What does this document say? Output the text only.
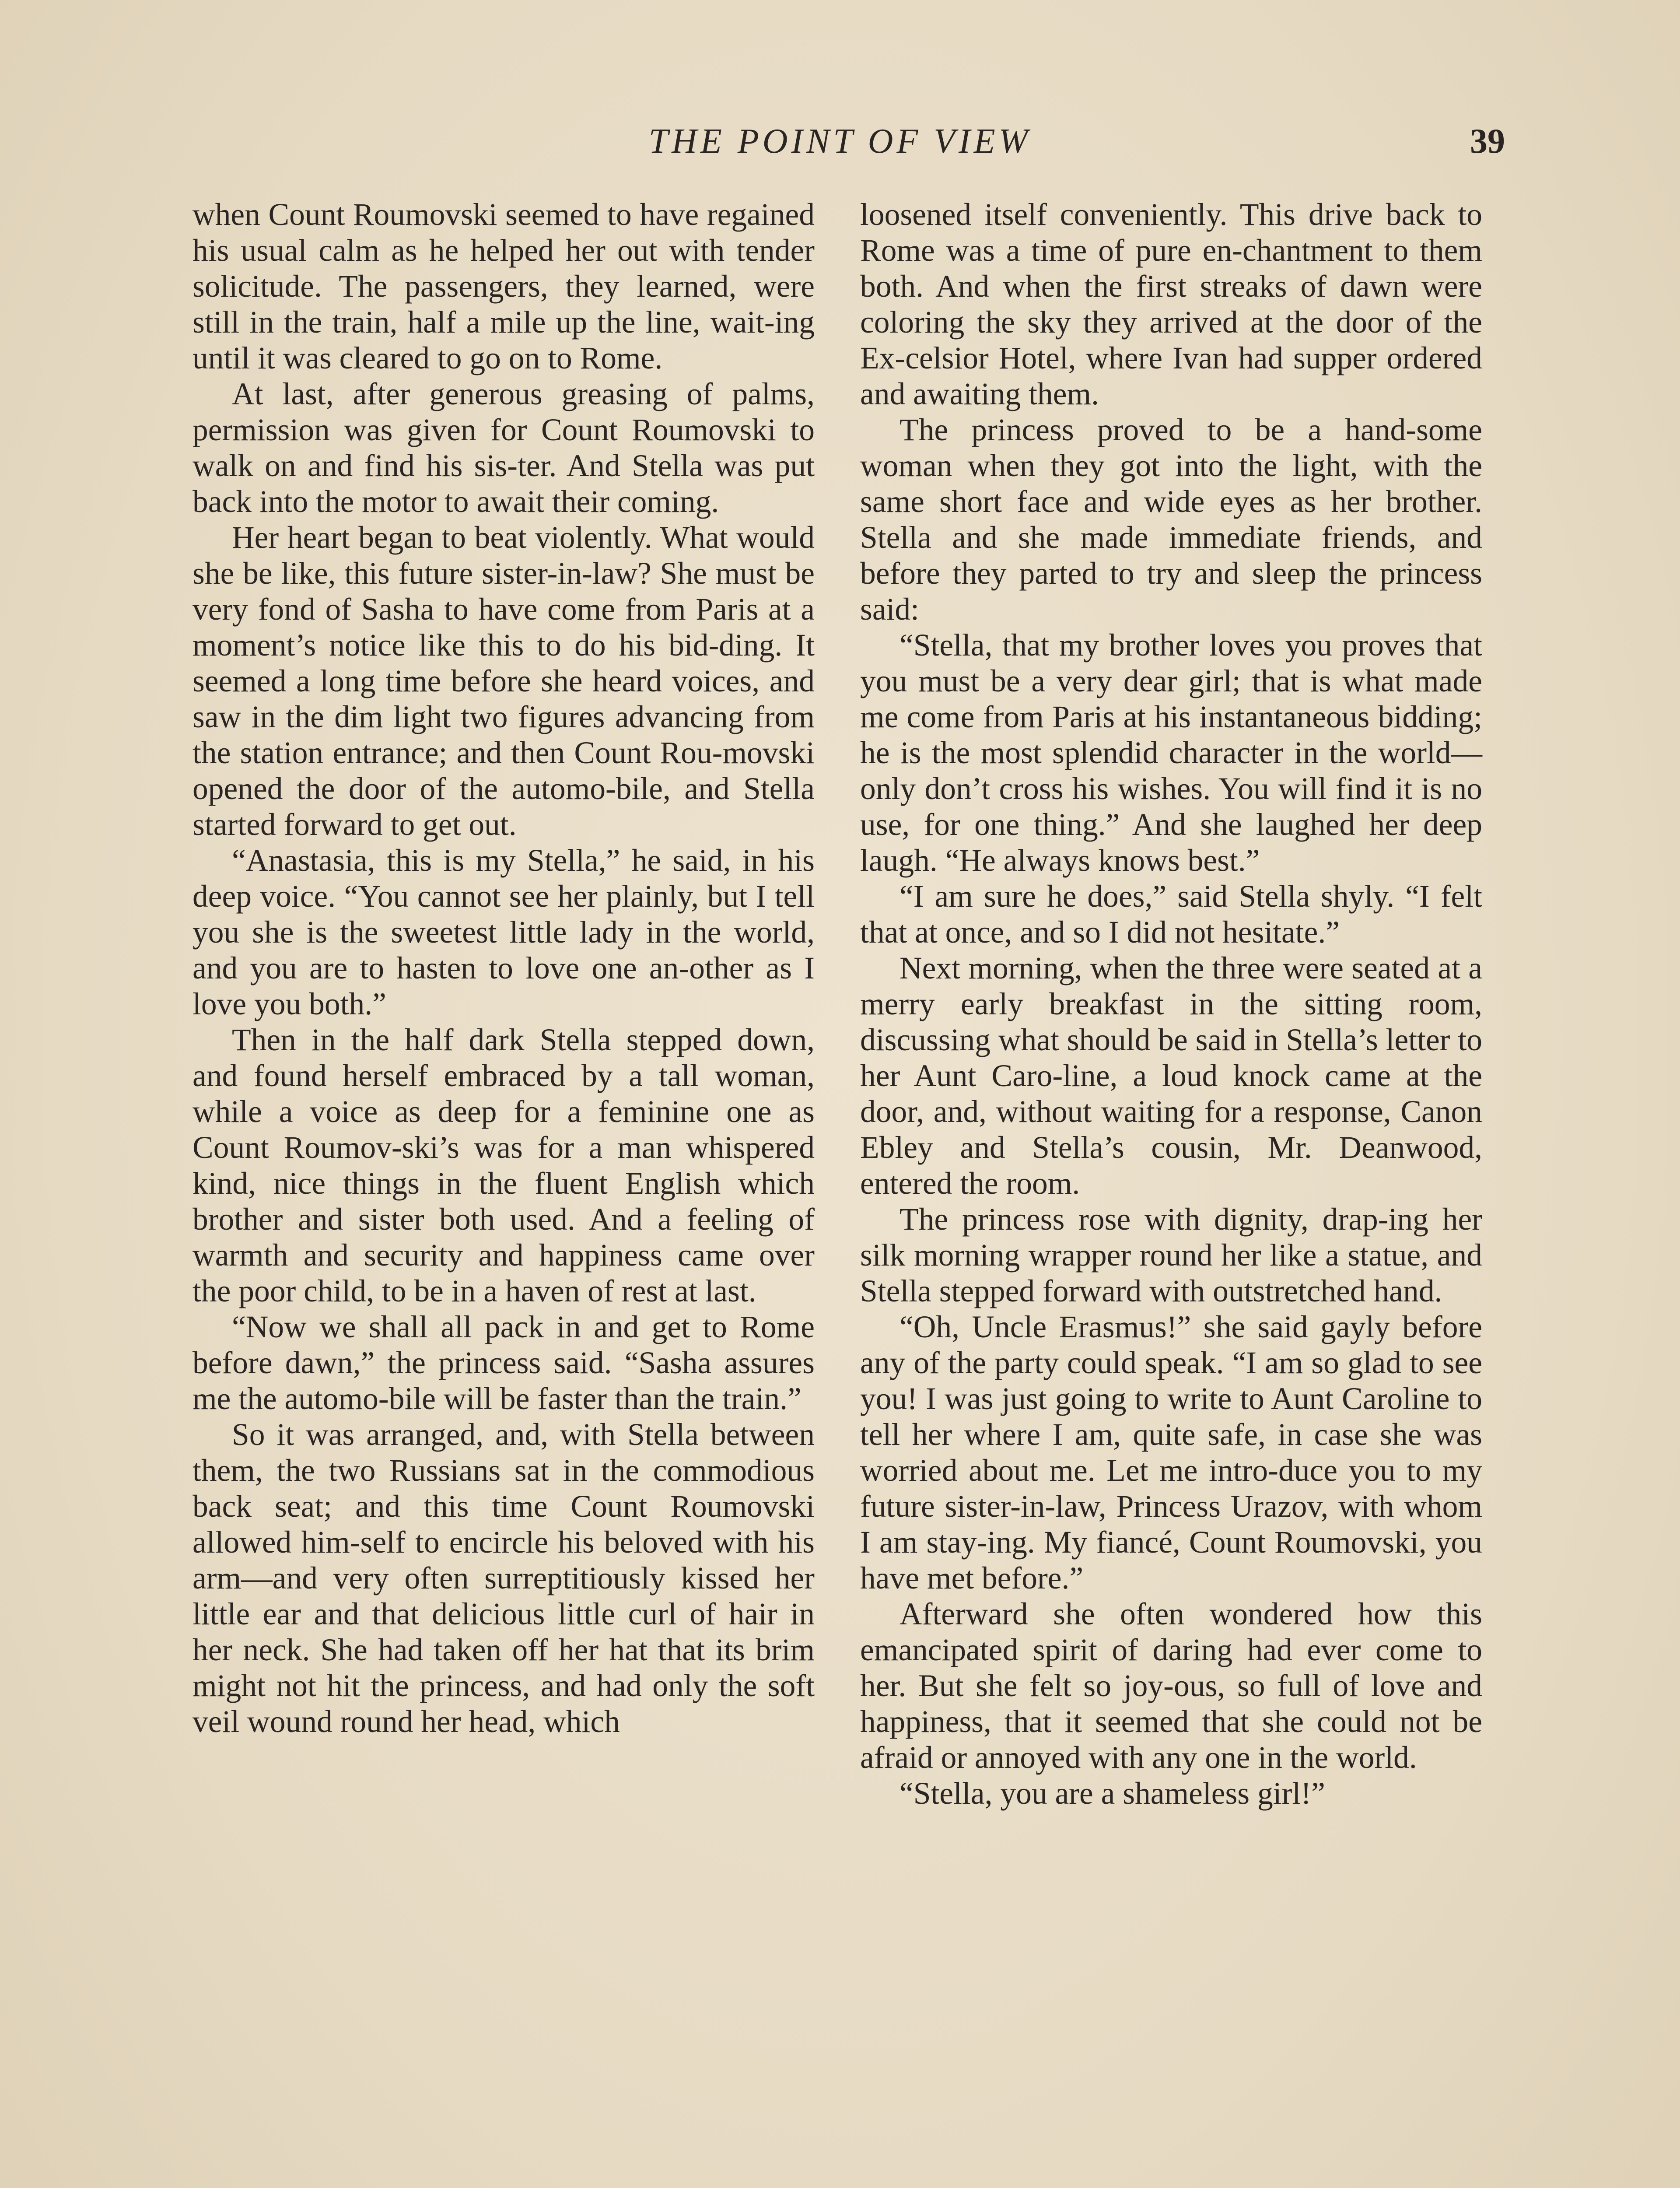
THE POINT OF VIEW	39

when Count Roumovski seemed to have regained his usual calm as he helped her out with tender solicitude. The passengers, they learned, were still in the train, half a mile up the line, wait-ing until it was cleared to go on to Rome.

At last, after generous greasing of palms, permission was given for Count Roumovski to walk on and find his sis-ter. And Stella was put back into the motor to await their coming.

Her heart began to beat violently. What would she be like, this future sister-in-law? She must be very fond of Sasha to have come from Paris at a moment’s notice like this to do his bid-ding. It seemed a long time before she heard voices, and saw in the dim light two figures advancing from the station entrance; and then Count Rou-movski opened the door of the automo-bile, and Stella started forward to get out.

“Anastasia, this is my Stella,” he said, in his deep voice. “You cannot see her plainly, but I tell you she is the sweetest little lady in the world, and you are to hasten to love one an-other as I love you both.”

Then in the half dark Stella stepped down, and found herself embraced by a tall woman, while a voice as deep for a feminine one as Count Roumov-ski’s was for a man whispered kind, nice things in the fluent English which brother and sister both used. And a feeling of warmth and security and happiness came over the poor child, to be in a haven of rest at last.

“Now we shall all pack in and get to Rome before dawn,” the princess said. “Sasha assures me the automo-bile will be faster than the train.”

So it was arranged, and, with Stella between them, the two Russians sat in the commodious back seat; and this time Count Roumovski allowed him-self to encircle his beloved with his arm—and very often surreptitiously kissed her little ear and that delicious little curl of hair in her neck. She had taken off her hat that its brim might not hit the princess, and had only the soft veil wound round her head, which

loosened itself conveniently. This drive back to Rome was a time of pure en-chantment to them both. And when the first streaks of dawn were coloring the sky they arrived at the door of the Ex-celsior Hotel, where Ivan had supper ordered and awaiting them.

The princess proved to be a hand-some woman when they got into the light, with the same short face and wide eyes as her brother. Stella and she made immediate friends, and before they parted to try and sleep the princess said:

“Stella, that my brother loves you proves that you must be a very dear girl; that is what made me come from Paris at his instantaneous bidding; he is the most splendid character in the world—only don’t cross his wishes. You will find it is no use, for one thing.” And she laughed her deep laugh. “He always knows best.”

“I am sure he does,” said Stella shyly. “I felt that at once, and so I did not hesitate.”

Next morning, when the three were seated at a merry early breakfast in the sitting room, discussing what should be said in Stella’s letter to her Aunt Caro-line, a loud knock came at the door, and, without waiting for a response, Canon Ebley and Stella’s cousin, Mr. Deanwood, entered the room.

The princess rose with dignity, drap-ing her silk morning wrapper round her like a statue, and Stella stepped forward with outstretched hand.

“Oh, Uncle Erasmus!” she said gayly before any of the party could speak. “I am so glad to see you! I was just going to write to Aunt Caroline to tell her where I am, quite safe, in case she was worried about me. Let me intro-duce you to my future sister-in-law, Princess Urazov, with whom I am stay-ing. My fiancé, Count Roumovski, you have met before.”

Afterward she often wondered how this emancipated spirit of daring had ever come to her. But she felt so joy-ous, so full of love and happiness, that it seemed that she could not be afraid or annoyed with any one in the world.

“Stella, you are a shameless girl!”
